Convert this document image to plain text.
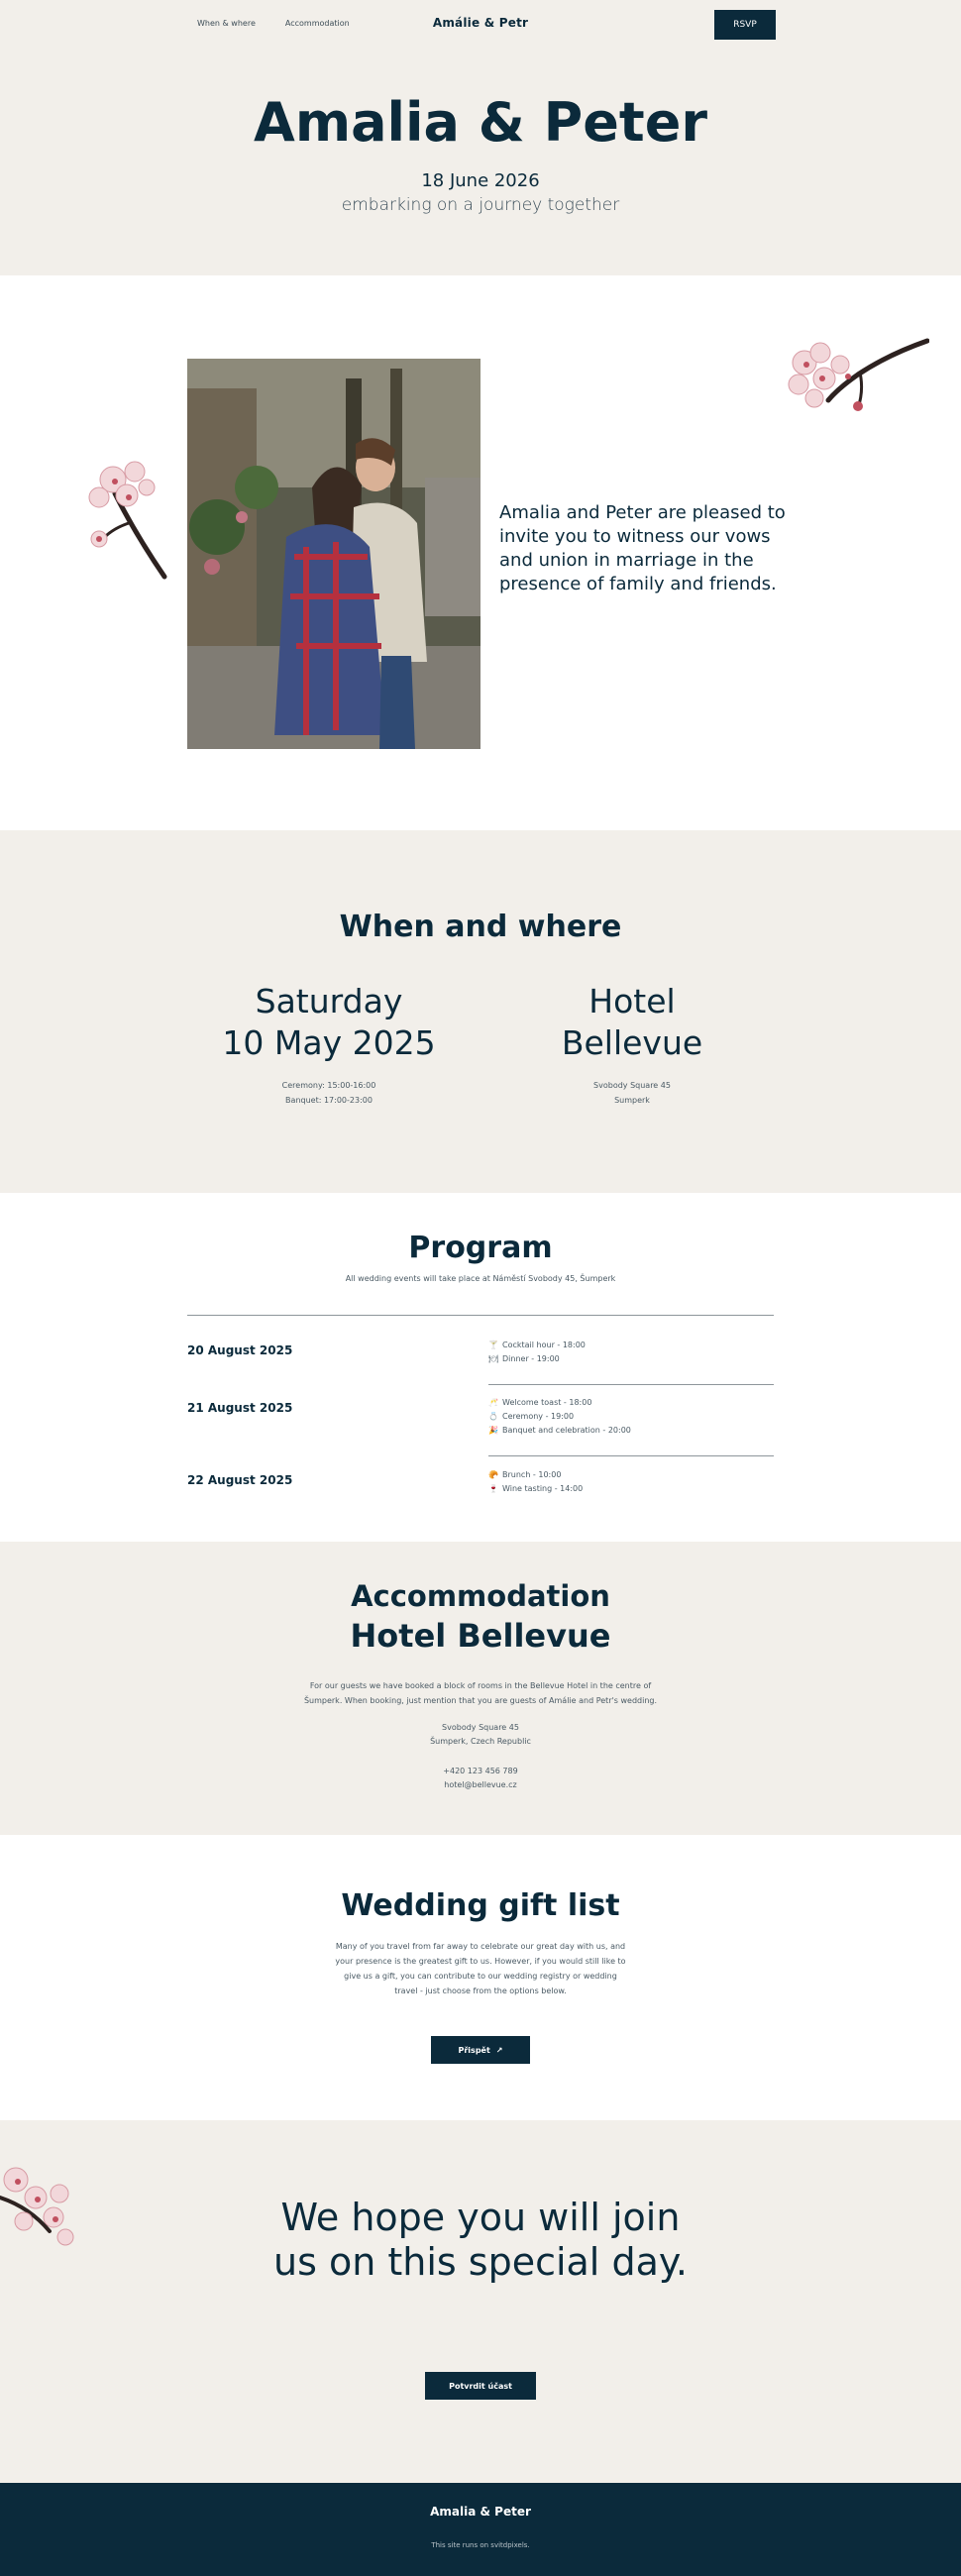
When & where	Accommodation	Amálie & Petr	RSVP
Amalia & Peter
18 June 2026
embarking on a journey together

Amalia and Peter are pleased to invite you to witness our vows and union in marriage in the presence of family and friends.

When and where
Saturday
10 May 2025
Ceremony: 15:00-16:00
Banquet: 17:00-23:00
Hotel
Bellevue
Svobody Square 45
Sumperk
Program
All wedding events will take place at Náměstí Svobody 45, Šumperk
20 August 2025	🍸 Cocktail hour - 18:00
🍽 Dinner - 19:00
21 August 2025	🥂 Welcome toast - 18:00
💍 Ceremony - 19:00
🎉 Banquet and celebration - 20:00
22 August 2025	🥐 Brunch - 10:00
🍷 Wine tasting - 14:00
Accommodation
Hotel Bellevue

For our guests we have booked a block of rooms in the Bellevue Hotel in the centre of Šumperk. When booking, just mention that you are guests of Amálie and Petr's wedding.

Svobody Square 45
Šumperk, Czech Republic
+420 123 456 789
hotel@bellevue.cz
Wedding gift list

Many of you travel from far away to celebrate our great day with us, and your presence is the greatest gift to us. However, if you would still like to give us a gift, you can contribute to our wedding registry or wedding travel - just choose from the options below.

Přispět ↗
We hope you will join us on this special day.
Potvrdit účast
Amalia & Peter
This site runs on svitdpixels.
